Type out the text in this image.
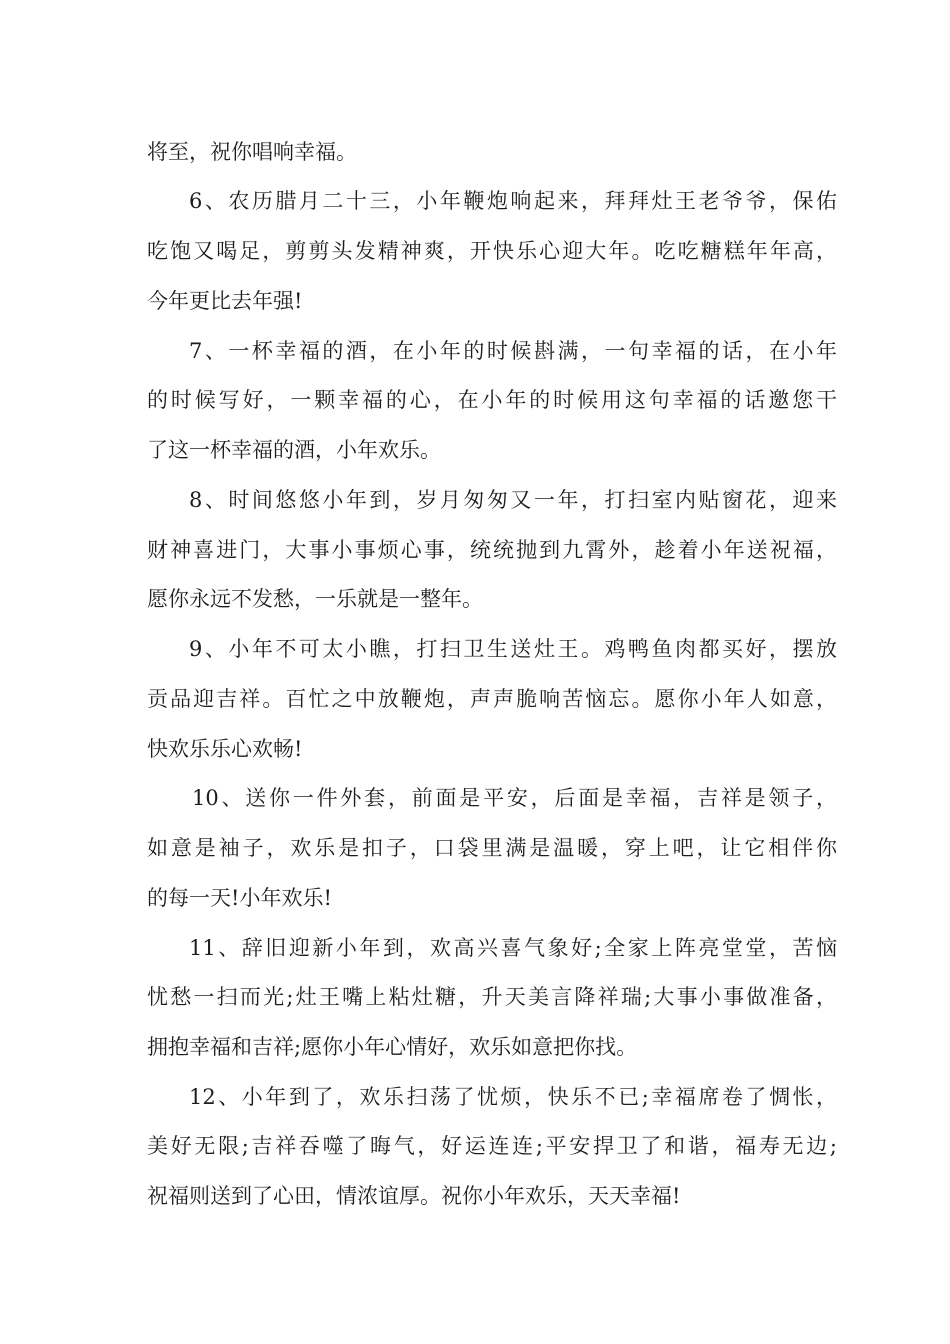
将至，祝你唱响幸福。
6、农历腊月二十三，小年鞭炮响起来，拜拜灶王老爷爷，保佑
吃饱又喝足，剪剪头发精神爽，开快乐心迎大年。吃吃糖糕年年高，
今年更比去年强!
7、一杯幸福的酒，在小年的时候斟满，一句幸福的话，在小年
的时候写好，一颗幸福的心，在小年的时候用这句幸福的话邀您干
了这一杯幸福的酒，小年欢乐。
8、时间悠悠小年到，岁月匆匆又一年，打扫室内贴窗花，迎来
财神喜进门，大事小事烦心事，统统抛到九霄外，趁着小年送祝福，
愿你永远不发愁，一乐就是一整年。
9、小年不可太小瞧，打扫卫生送灶王。鸡鸭鱼肉都买好，摆放
贡品迎吉祥。百忙之中放鞭炮，声声脆响苦恼忘。愿你小年人如意，
快欢乐乐心欢畅!
10、送你一件外套，前面是平安，后面是幸福，吉祥是领子，
如意是袖子，欢乐是扣子，口袋里满是温暖，穿上吧，让它相伴你
的每一天!小年欢乐!
11、辞旧迎新小年到，欢高兴喜气象好;全家上阵亮堂堂，苦恼
忧愁一扫而光;灶王嘴上粘灶糖，升天美言降祥瑞;大事小事做准备，
拥抱幸福和吉祥;愿你小年心情好，欢乐如意把你找。
12、小年到了，欢乐扫荡了忧烦，快乐不已;幸福席卷了惆怅，
美好无限;吉祥吞噬了晦气，好运连连;平安捍卫了和谐，福寿无边;
祝福则送到了心田，情浓谊厚。祝你小年欢乐，天天幸福!
